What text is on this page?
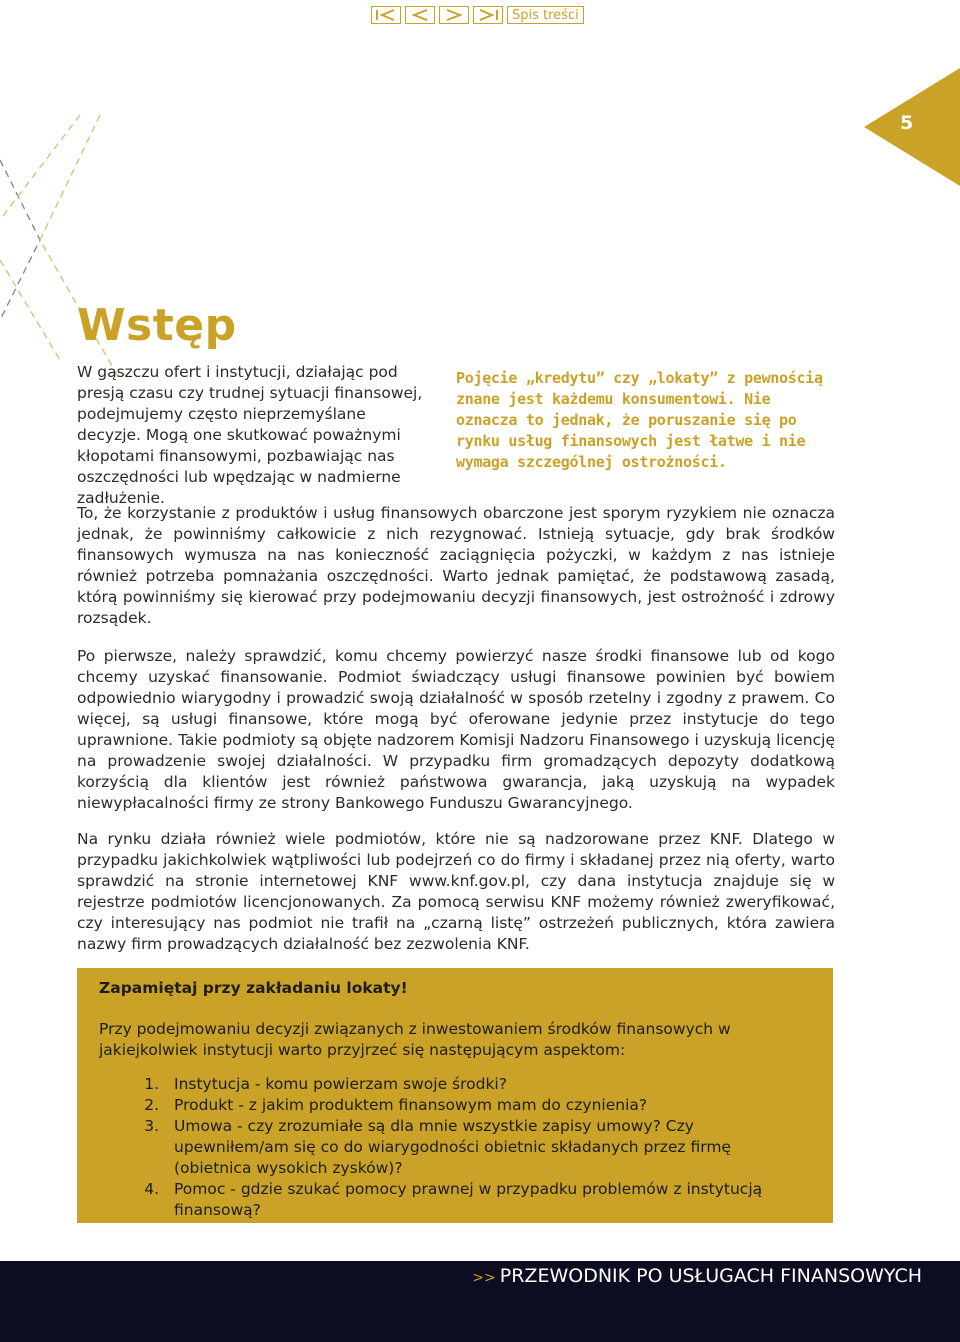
Spis treści
5
Wstęp
W gąszczu ofert i instytucji, działając pod presją czasu czy trudnej sytuacji finansowej, podejmujemy często nieprzemyślane decyzje. Mogą one skutkować poważnymi kłopotami finansowymi, pozbawiając nas oszczędności lub wpędzając w nadmierne zadłużenie.
Pojęcie „kredytu” czy „lokaty” z pewnością znane jest każdemu konsumentowi. Nie oznacza to jednak, że poruszanie się po rynku usług finansowych jest łatwe i nie wymaga szczególnej ostrożności.
To, że korzystanie z produktów i usług finansowych obarczone jest sporym ryzykiem nie oznacza jednak, że powinniśmy całkowicie z nich rezygnować. Istnieją sytuacje, gdy brak środków finansowych wymusza na nas konieczność zaciągnięcia pożyczki, w każdym z nas istnieje również potrzeba pomnażania oszczędności. Warto jednak pamiętać, że podstawową zasadą, którą powinniśmy się kierować przy podejmowaniu decyzji finansowych, jest ostrożność i zdrowy rozsądek.
Po pierwsze, należy sprawdzić, komu chcemy powierzyć nasze środki finansowe lub od kogo chcemy uzyskać finansowanie. Podmiot świadczący usługi finansowe powinien być bowiem odpowiednio wiarygodny i prowadzić swoją działalność w sposób rzetelny i zgodny z prawem. Co więcej, są usługi finansowe, które mogą być oferowane jedynie przez instytucje do tego uprawnione. Takie podmioty są objęte nadzorem Komisji Nadzoru Finansowego i uzyskują licencję na prowadzenie swojej działalności. W przypadku firm gromadzących depozyty dodatkową korzyścią dla klientów jest również państwowa gwarancja, jaką uzyskują na wypadek niewypłacalności firmy ze strony Bankowego Funduszu Gwarancyjnego.
Na rynku działa również wiele podmiotów, które nie są nadzorowane przez KNF. Dlatego w przypadku jakichkolwiek wątpliwości lub podejrzeń co do firmy i składanej przez nią oferty, warto sprawdzić na stronie internetowej KNF www.knf.gov.pl, czy dana instytucja znajduje się w rejestrze podmiotów licencjonowanych. Za pomocą serwisu KNF możemy również zweryfikować, czy interesujący nas podmiot nie trafił na „czarną listę” ostrzeżeń publicznych, która zawiera nazwy firm prowadzących działalność bez zezwolenia KNF.
Zapamiętaj przy zakładaniu lokaty!
Przy podejmowaniu decyzji związanych z inwestowaniem środków finansowych w jakiejkolwiek instytucji warto przyjrzeć się następującym aspektom:
1. Instytucja - komu powierzam swoje środki?
2. Produkt - z jakim produktem finansowym mam do czynienia?
3. Umowa - czy zrozumiałe są dla mnie wszystkie zapisy umowy? Czy upewniłem/am się co do wiarygodności obietnic składanych przez firmę (obietnica wysokich zysków)?
4. Pomoc - gdzie szukać pomocy prawnej w przypadku problemów z instytucją finansową?
>> PRZEWODNIK PO USŁUGACH FINANSOWYCH
